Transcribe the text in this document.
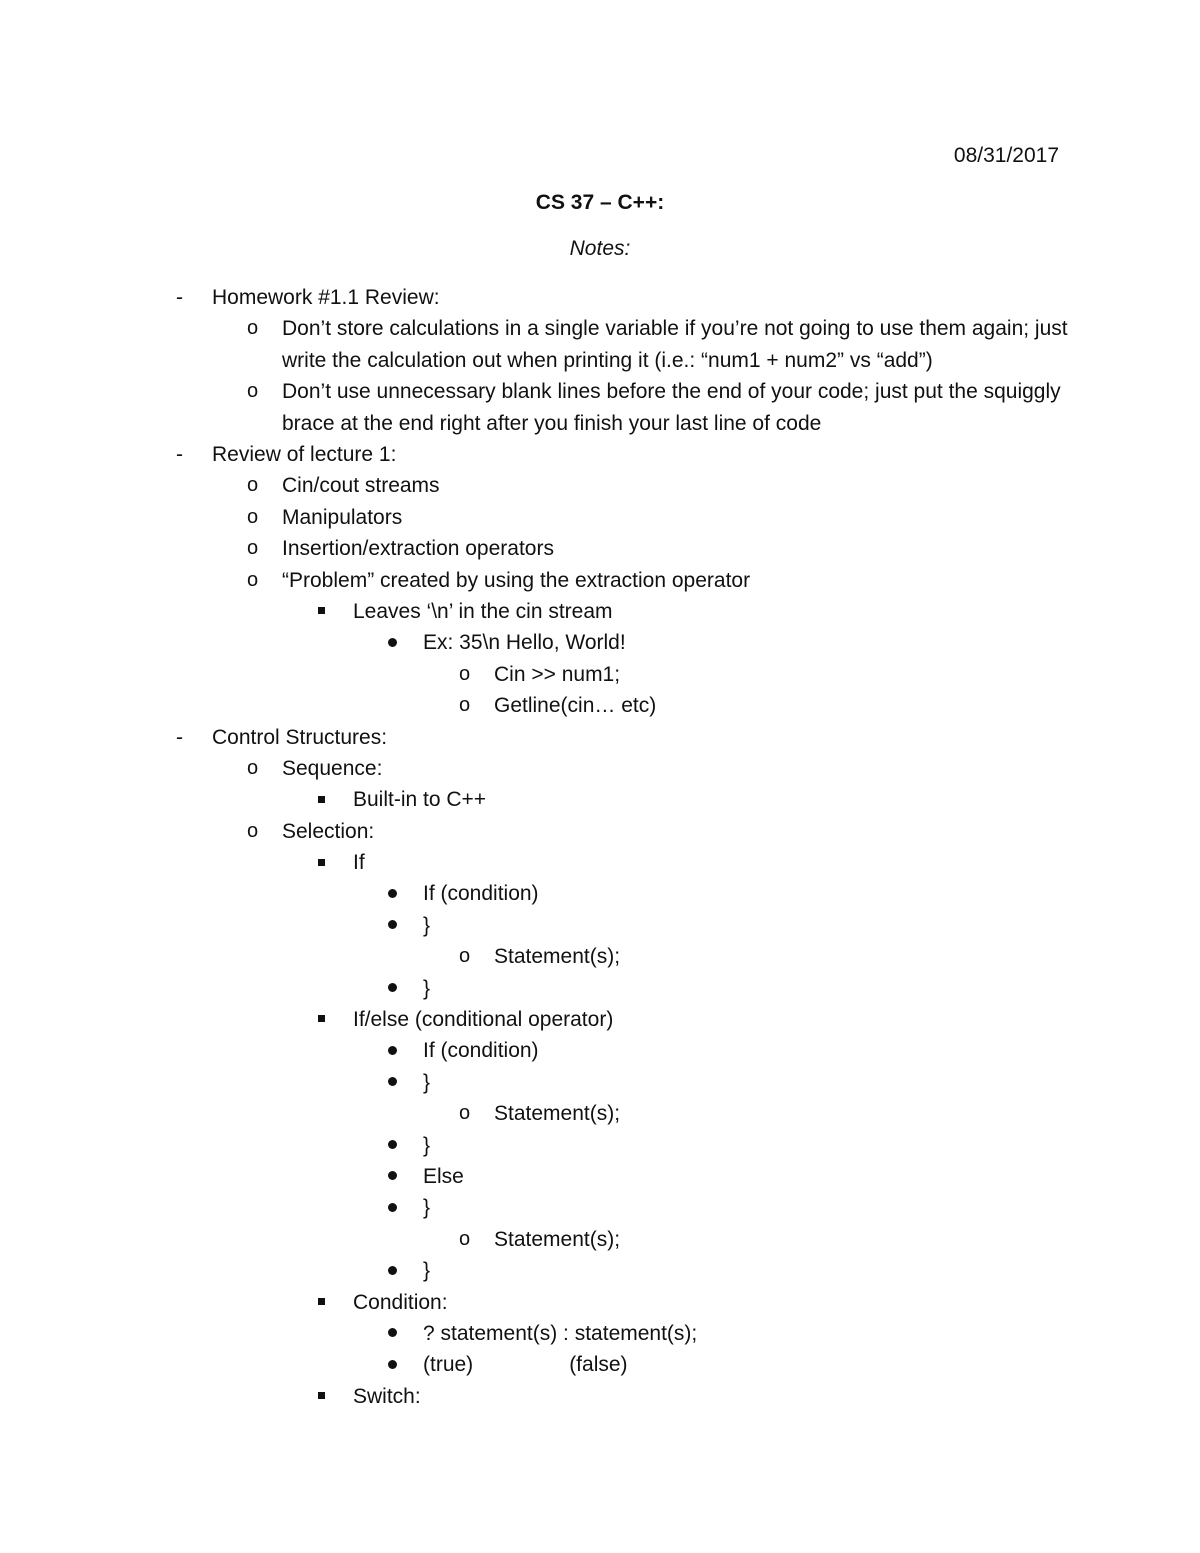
08/31/2017
CS 37 – C++:
Notes:
-	Homework #1.1 Review:
o	Don’t store calculations in a single variable if you’re not going to use them again; just write the calculation out when printing it (i.e.: “num1 + num2” vs “add”)
o	Don’t use unnecessary blank lines before the end of your code; just put the squiggly brace at the end right after you finish your last line of code
-	Review of lecture 1:
o	Cin/cout streams
o	Manipulators
o	Insertion/extraction operators
o	“Problem” created by using the extraction operator
Leaves ‘\n’ in the cin stream
Ex: 35\n Hello, World!
o	Cin >> num1;
o	Getline(cin… etc)
-	Control Structures:
o	Sequence:
Built-in to C++
o	Selection:
If
If (condition)
}
o	Statement(s);
}
If/else (conditional operator)
If (condition)
}
o	Statement(s);
}
Else
}
o	Statement(s);
}
Condition:
? statement(s) : statement(s);
(true)	(false)
Switch:
